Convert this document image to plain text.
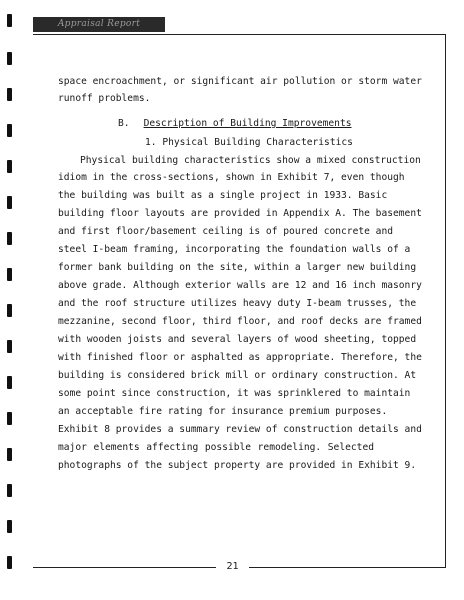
Appraisal Report
space encroachment, or significant air pollution or storm water
runoff problems.
B. Description of Building Improvements
1. Physical Building Characteristics
Physical building characteristics show a mixed construction
idiom in the cross-sections, shown in Exhibit 7, even though
the building was built as a single project in 1933. Basic
building floor layouts are provided in Appendix A. The basement
and first floor/basement ceiling is of poured concrete and
steel I-beam framing, incorporating the foundation walls of a
former bank building on the site, within a larger new building
above grade. Although exterior walls are 12 and 16 inch masonry
and the roof structure utilizes heavy duty I-beam trusses, the
mezzanine, second floor, third floor, and roof decks are framed
with wooden joists and several layers of wood sheeting, topped
with finished floor or asphalted as appropriate. Therefore, the
building is considered brick mill or ordinary construction. At
some point since construction, it was sprinklered to maintain
an acceptable fire rating for insurance premium purposes.
Exhibit 8 provides a summary review of construction details and
major elements affecting possible remodeling. Selected
photographs of the subject property are provided in Exhibit 9.
21
